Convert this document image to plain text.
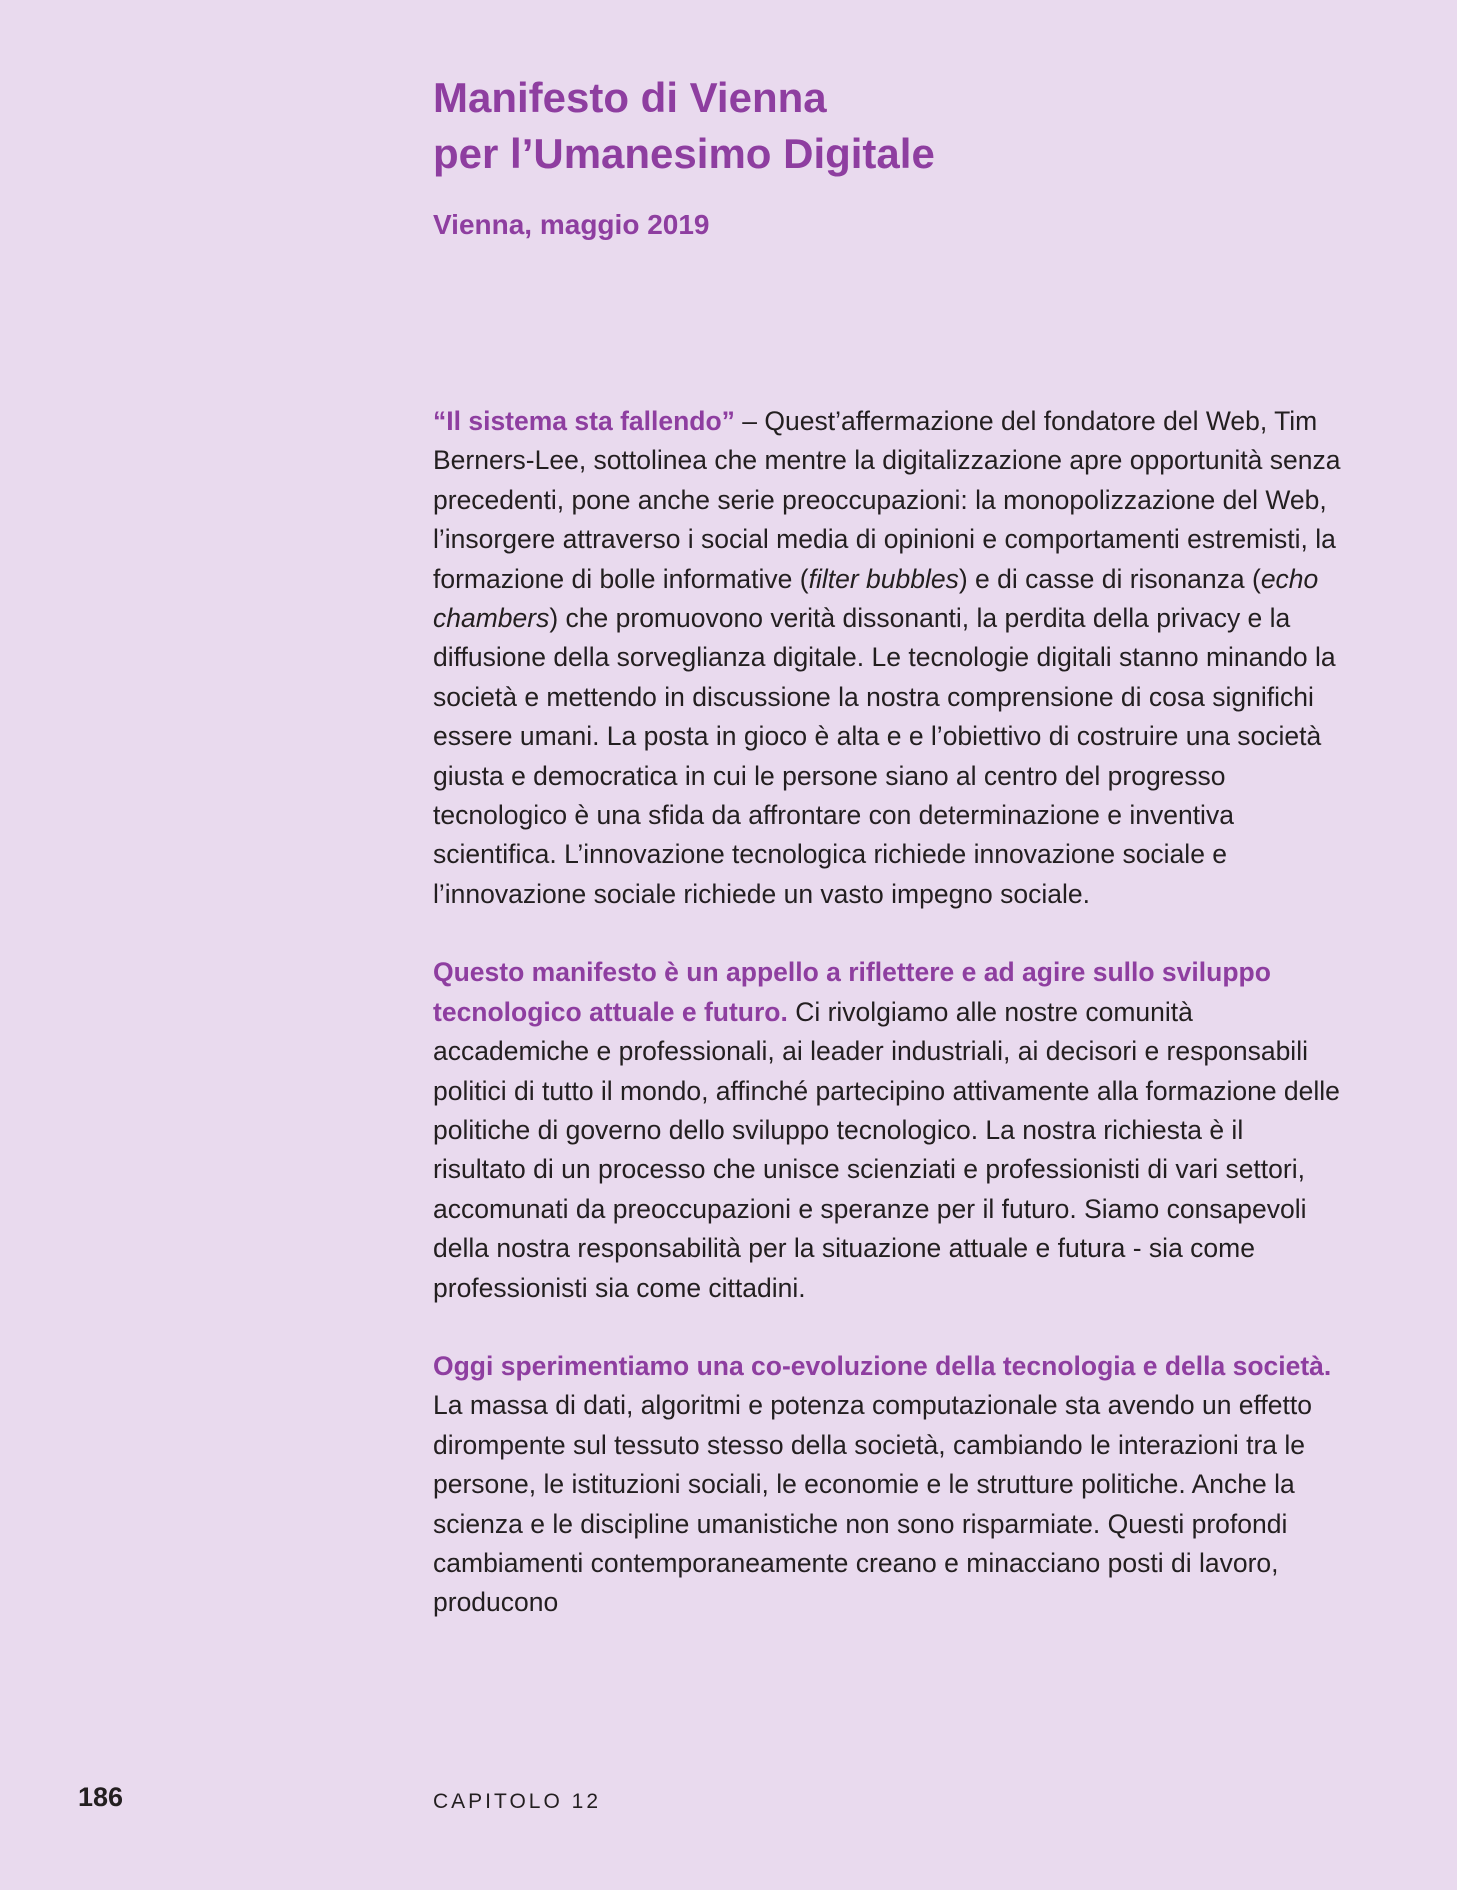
Manifesto di Vienna
per l’Umanesimo Digitale

Vienna, maggio 2019

“Il sistema sta fallendo” – Quest’affermazione del fondatore del Web, Tim Berners-Lee, sottolinea che mentre la digitalizzazione apre opportunità senza precedenti, pone anche serie preoccupazioni: la monopolizzazione del Web, l’insorgere attraverso i social media di opinioni e comportamenti estremisti, la formazione di bolle informative (filter bubbles) e di casse di risonanza (echo chambers) che promuovono verità dissonanti, la perdita della privacy e la diffusione della sorveglianza digitale. Le tecnologie digitali stanno minando la società e mettendo in discussione la nostra comprensione di cosa significhi essere umani. La posta in gioco è alta e e l’obiettivo di costruire una società giusta e democratica in cui le persone siano al centro del progresso tecnologico è una sfida da affrontare con determinazione e inventiva scientifica. L’innovazione tecnologica richiede innovazione sociale e l’innovazione sociale richiede un vasto impegno sociale.

Questo manifesto è un appello a riflettere e ad agire sullo sviluppo tecnologico attuale e futuro. Ci rivolgiamo alle nostre comunità accademiche e professionali, ai leader industriali, ai decisori e responsabili politici di tutto il mondo, affinché partecipino attivamente alla formazione delle politiche di governo dello sviluppo tecnologico. La nostra richiesta è il risultato di un processo che unisce scienziati e professionisti di vari settori, accomunati da preoccupazioni e speranze per il futuro. Siamo consapevoli della nostra responsabilità per la situazione attuale e futura - sia come professionisti sia come cittadini.

Oggi sperimentiamo una co-evoluzione della tecnologia e della società. La massa di dati, algoritmi e potenza computazionale sta avendo un effetto dirompente sul tessuto stesso della società, cambiando le interazioni tra le persone, le istituzioni sociali, le economie e le strutture politiche. Anche la scienza e le discipline umanistiche non sono risparmiate. Questi profondi cambiamenti contemporaneamente creano e minacciano posti di lavoro, producono

186	CAPITOLO 12
